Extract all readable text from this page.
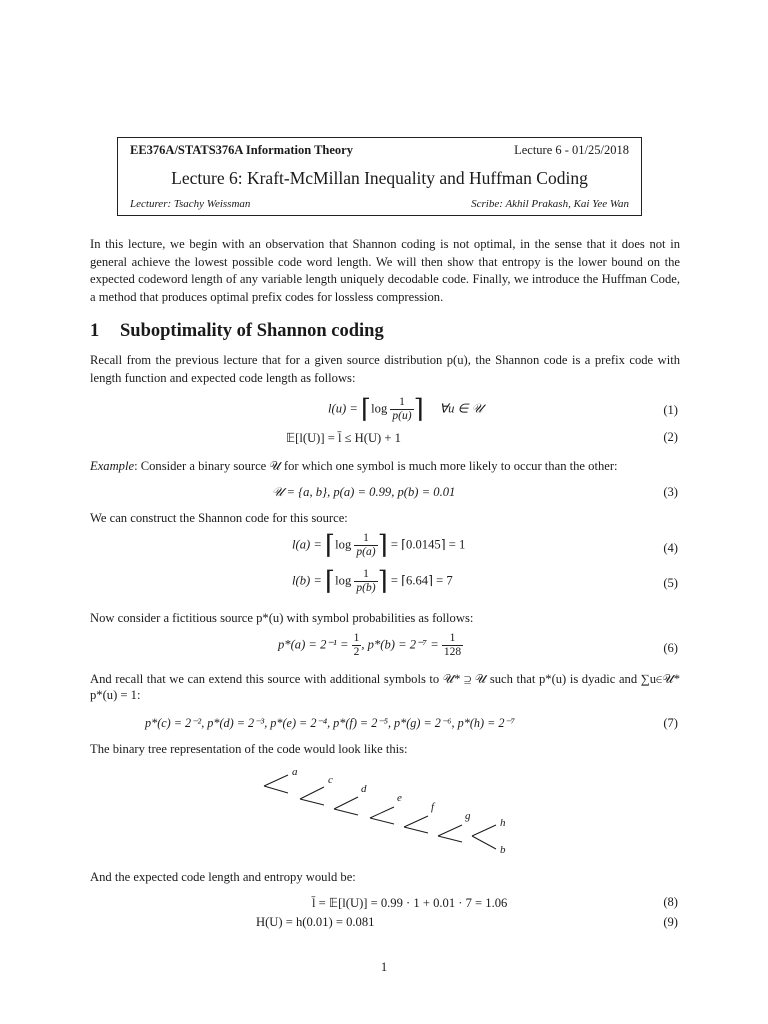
EE376A/STATS376A Information Theory	Lecture 6 - 01/25/2018
Lecture 6: Kraft-McMillan Inequality and Huffman Coding
Lecturer: Tsachy Weissman	Scribe: Akhil Prakash, Kai Yee Wan
In this lecture, we begin with an observation that Shannon coding is not optimal, in the sense that it does not in general achieve the lowest possible code word length. We will then show that entropy is the lower bound on the expected codeword length of any variable length uniquely decodable code. Finally, we introduce the Huffman Code, a method that produces optimal prefix codes for lossless compression.
1 Suboptimality of Shannon coding
Recall from the previous lecture that for a given source distribution p(u), the Shannon code is a prefix code with length function and expected code length as follows:
l(u) = ⌈log $\frac{1}{p(u)}$ ⌉ ∀u ∈ 𝒰	(1)
𝔼[l(U)] = l̄ ≤ H(U) + 1	(2)
Example: Consider a binary source 𝒰 for which one symbol is much more likely to occur than the other:
𝒰 = {a, b}, p(a) = 0.99, p(b) = 0.01	(3)
We can construct the Shannon code for this source:
l(a) = ⌈log $\frac{1}{p(a)}$ ⌉ = ⌈0.0145⌉ = 1	(4)
l(b) = ⌈log $\frac{1}{p(b)}$ ⌉ = ⌈6.64⌉ = 7	(5)
Now consider a fictitious source p*(u) with symbol probabilities as follows:
$p*(a) = 2^{-1} = \frac{1}{2}$ , $p*(b) = 2^{-7} = \frac{1}{128}$	(6)
And recall that we can extend this source with additional symbols to 𝒰* ⊇ 𝒰 such that p*(u) is dyadic and ∑u∈𝒰* p*(u) = 1:
p*(c) = 2⁻², p*(d) = 2⁻³, p*(e) = 2⁻⁴, p*(f) = 2⁻⁵, p*(g) = 2⁻⁶, p*(h) = 2⁻⁷	(7)
The binary tree representation of the code would look like this:
a
c
d
e
f
g
h
b
And the expected code length and entropy would be:
l̄ = 𝔼[l(U)] = 0.99 · 1 + 0.01 · 7 = 1.06	(8)
H(U) = h(0.01) = 0.081	(9)
1
